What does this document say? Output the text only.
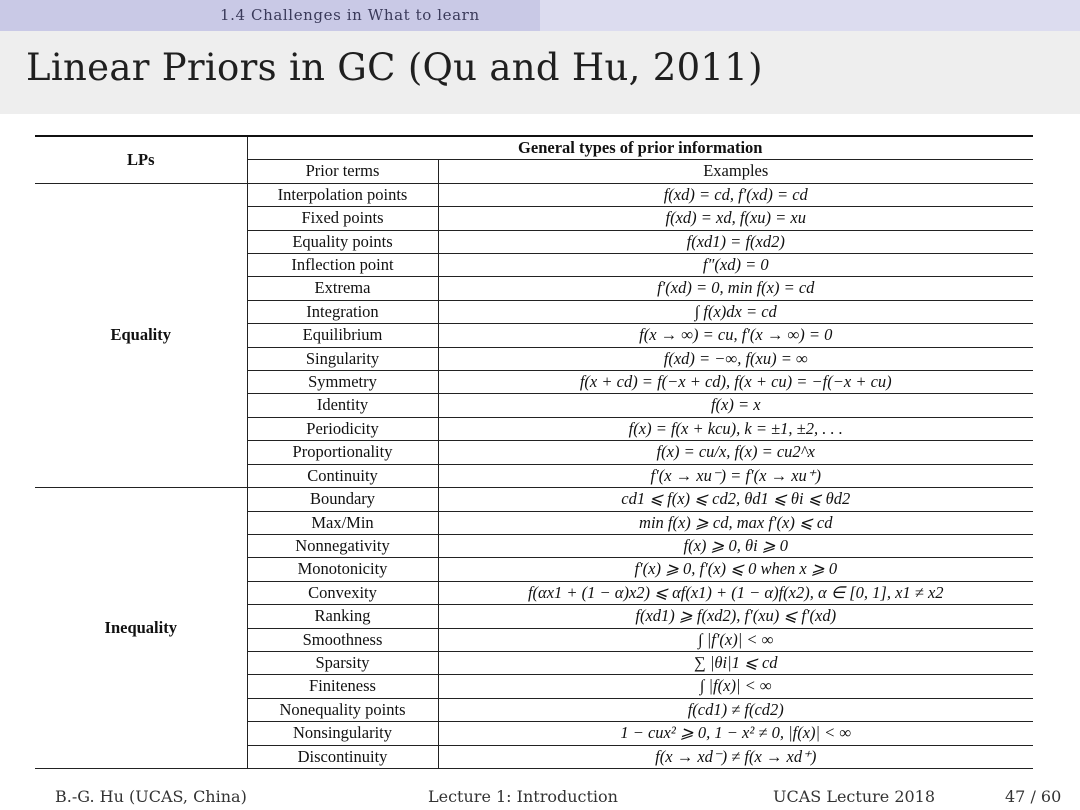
1.4 Challenges in What to learn
Linear Priors in GC (Qu and Hu, 2011)
LPs	General types of prior information	
	Prior terms	Examples
Equality	Interpolation points	f(xd) = cd, f′(xd) = cd
	Fixed points	f(xd) = xd, f(xu) = xu
	Equality points	f(xd1) = f(xd2)
	Inflection point	f″(xd) = 0
	Extrema	f′(xd) = 0, min f(x) = cd
	Integration	∫ f(x)dx = cd
	Equilibrium	f(x → ∞) = cu, f′(x → ∞) = 0
	Singularity	f(xd) = −∞, f(xu) = ∞
	Symmetry	f(x + cd) = f(−x + cd), f(x + cu) = −f(−x + cu)
	Identity	f(x) = x
	Periodicity	f(x) = f(x + kcu), k = ±1, ±2, . . .
	Proportionality	f(x) = cu/x, f(x) = cu2^x
	Continuity	f′(x → xu⁻) = f′(x → xu⁺)
Inequality	Boundary	cd1 ⩽ f(x) ⩽ cd2, θd1 ⩽ θi ⩽ θd2
	Max/Min	min f(x) ⩾ cd, max f′(x) ⩽ cd
	Nonnegativity	f(x) ⩾ 0, θi ⩾ 0
	Monotonicity	f′(x) ⩾ 0, f′(x) ⩽ 0 when x ⩾ 0
	Convexity	f(αx1 + (1 − α)x2) ⩽ αf(x1) + (1 − α)f(x2), α ∈ [0, 1], x1 ≠ x2
	Ranking	f(xd1) ⩾ f(xd2), f′(xu) ⩽ f′(xd)
	Smoothness	∫ |f′(x)| < ∞
	Sparsity	∑ |θi|1 ⩽ cd
	Finiteness	∫ |f(x)| < ∞
	Nonequality points	f(cd1) ≠ f(cd2)
	Nonsingularity	1 − cux² ⩾ 0, 1 − x² ≠ 0, |f(x)| < ∞
	Discontinuity	f(x → xd⁻) ≠ f(x → xd⁺)
B.-G. Hu (UCAS, China)	Lecture 1: Introduction	UCAS Lecture 2018	47 / 60
